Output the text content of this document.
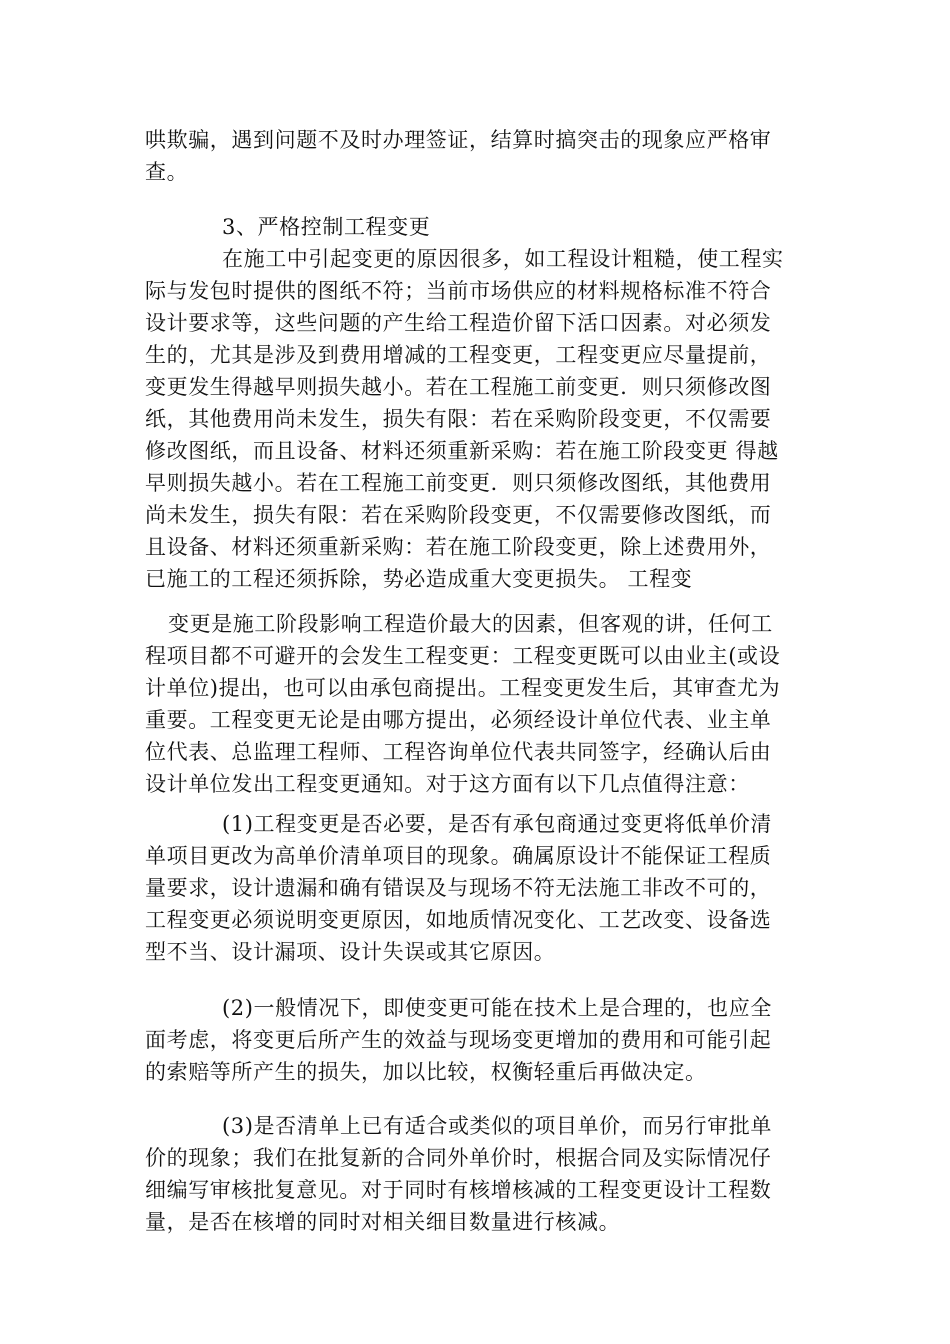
哄欺骗，遇到问题不及时办理签证，结算时搞突击的现象应严格审
查。
3、严格控制工程变更
在施工中引起变更的原因很多，如工程设计粗糙，使工程实
际与发包时提供的图纸不符；当前市场供应的材料规格标准不符合
设计要求等，这些问题的产生给工程造价留下活口因素。对必须发
生的，尤其是涉及到费用增减的工程变更，工程变更应尽量提前，
变更发生得越早则损失越小。若在工程施工前变更．则只须修改图
纸，其他费用尚未发生，损失有限：若在采购阶段变更，不仅需要
修改图纸，而且设备、材料还须重新采购：若在施工阶段变更 得越
早则损失越小。若在工程施工前变更．则只须修改图纸，其他费用
尚未发生，损失有限：若在采购阶段变更，不仅需要修改图纸，而
且设备、材料还须重新采购：若在施工阶段变更，除上述费用外，
已施工的工程还须拆除，势必造成重大变更损失。 工程变
变更是施工阶段影响工程造价最大的因素，但客观的讲，任何工
程项目都不可避开的会发生工程变更：工程变更既可以由业主(或设
计单位)提出，也可以由承包商提出。工程变更发生后，其审查尤为
重要。工程变更无论是由哪方提出，必须经设计单位代表、业主单
位代表、总监理工程师、工程咨询单位代表共同签字，经确认后由
设计单位发出工程变更通知。对于这方面有以下几点值得注意：
(1)工程变更是否必要，是否有承包商通过变更将低单价清
单项目更改为高单价清单项目的现象。确属原设计不能保证工程质
量要求，设计遗漏和确有错误及与现场不符无法施工非改不可的，
工程变更必须说明变更原因，如地质情况变化、工艺改变、设备选
型不当、设计漏项、设计失误或其它原因。
(2)一般情况下，即使变更可能在技术上是合理的，也应全
面考虑，将变更后所产生的效益与现场变更增加的费用和可能引起
的索赔等所产生的损失，加以比较，权衡轻重后再做决定。
(3)是否清单上已有适合或类似的项目单价，而另行审批单
价的现象；我们在批复新的合同外单价时，根据合同及实际情况仔
细编写审核批复意见。对于同时有核增核减的工程变更设计工程数
量，是否在核增的同时对相关细目数量进行核减。
